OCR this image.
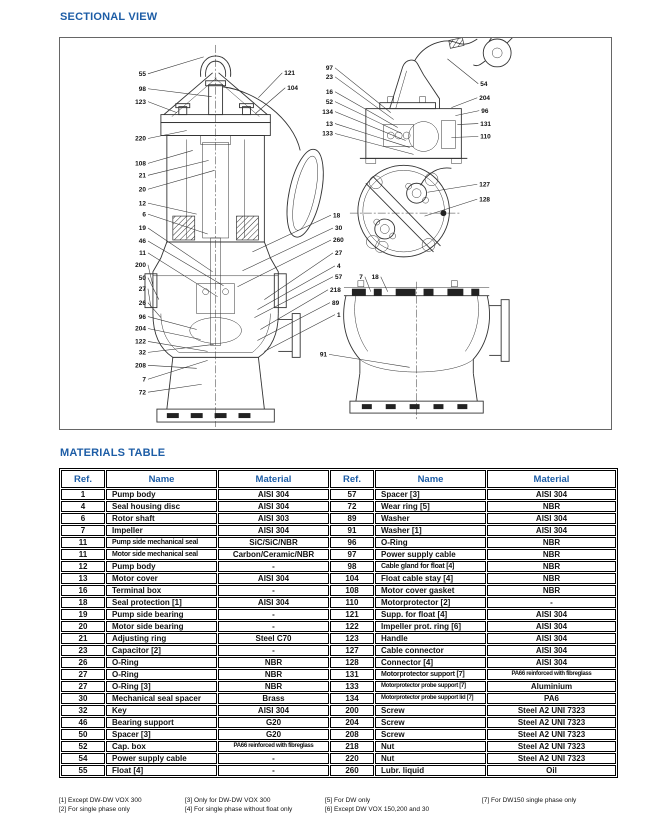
SECTIONAL VIEW
55
98
123
220
108
21
20
12
6
19
46
11
200
50
27
26
96
204
122
32
208
7
72
121
104
18
30
260
27
4
57
218
89
1
91
97
23
16
52
134
13
133
54
204
96
131
110
127
128
7 18
MATERIALS TABLE
Ref.	Name	Material	Ref.	Name	Material
1	Pump body	AISI 304	57	Spacer [3]	AISI 304
4	Seal housing disc	AISI 304	72	Wear ring [5]	NBR
6	Rotor shaft	AISI 303	89	Washer	AISI 304
7	Impeller	AISI 304	91	Washer [1]	AISI 304
11	Pump side mechanical seal	SiC/SiC/NBR	96	O-Ring	NBR
11	Motor side mechanical seal	Carbon/Ceramic/NBR	97	Power supply cable	NBR
12	Pump body	-	98	Cable gland for float [4]	NBR
13	Motor cover	AISI 304	104	Float cable stay [4]	NBR
16	Terminal box	-	108	Motor cover gasket	NBR
18	Seal protection [1]	AISI 304	110	Motorprotector [2]	-
19	Pump side bearing	-	121	Supp. for float [4]	AISI 304
20	Motor side bearing	-	122	Impeller prot. ring [6]	AISI 304
21	Adjusting ring	Steel C70	123	Handle	AISI 304
23	Capacitor [2]	-	127	Cable connector	AISI 304
26	O-Ring	NBR	128	Connector [4]	AISI 304
27	O-Ring	NBR	131	Motorprotector support [7]	PA66 reinforced with fibreglass
27	O-Ring [3]	NBR	133	Motorprotector probe support [7]	Aluminium
30	Mechanical seal spacer	Brass	134	Motorprotector probe support lid [7]	PA6
32	Key	AISI 304	200	Screw	Steel A2 UNI 7323
46	Bearing support	G20	204	Screw	Steel A2 UNI 7323
50	Spacer [3]	G20	208	Screw	Steel A2 UNI 7323
52	Cap. box	PA66 reinforced with fibreglass	218	Nut	Steel A2 UNI 7323
54	Power supply cable	-	220	Nut	Steel A2 UNI 7323
55	Float [4]	-	260	Lubr. liquid	Oil
[1] Except DW-DW VOX 300
[2] For single phase only
[3] Only for DW-DW VOX 300
[4] For single phase without float only
[5] For DW only
[6] Except DW VOX 150,200 and 30
[7] For DW150 single phase only
